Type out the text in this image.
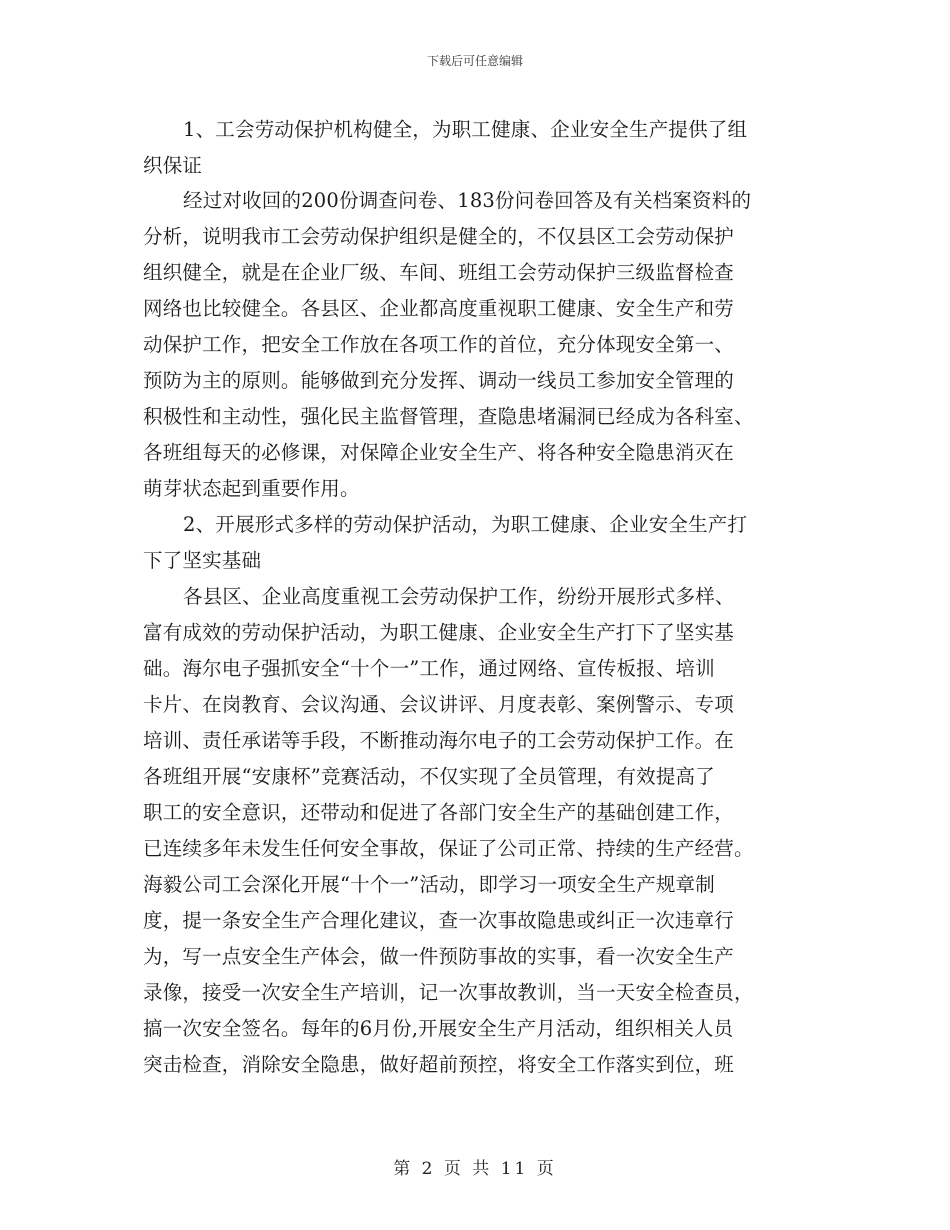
下载后可任意编辑
1、工会劳动保护机构健全，为职工健康、企业安全生产提供了组
织保证
经过对收回的200份调查问卷、183份问卷回答及有关档案资料的
分析，说明我市工会劳动保护组织是健全的，不仅县区工会劳动保护
组织健全，就是在企业厂级、车间、班组工会劳动保护三级监督检查
网络也比较健全。各县区、企业都高度重视职工健康、安全生产和劳
动保护工作，把安全工作放在各项工作的首位，充分体现安全第一、
预防为主的原则。能够做到充分发挥、调动一线员工参加安全管理的
积极性和主动性，强化民主监督管理，查隐患堵漏洞已经成为各科室、
各班组每天的必修课，对保障企业安全生产、将各种安全隐患消灭在
萌芽状态起到重要作用。
2、开展形式多样的劳动保护活动，为职工健康、企业安全生产打
下了坚实基础
各县区、企业高度重视工会劳动保护工作，纷纷开展形式多样、
富有成效的劳动保护活动，为职工健康、企业安全生产打下了坚实基
础。海尔电子强抓安全“十个一”工作，通过网络、宣传板报、培训
卡片、在岗教育、会议沟通、会议讲评、月度表彰、案例警示、专项
培训、责任承诺等手段，不断推动海尔电子的工会劳动保护工作。在
各班组开展“安康杯”竞赛活动，不仅实现了全员管理，有效提高了
职工的安全意识，还带动和促进了各部门安全生产的基础创建工作，
已连续多年未发生任何安全事故，保证了公司正常、持续的生产经营。
海毅公司工会深化开展“十个一”活动，即学习一项安全生产规章制
度，提一条安全生产合理化建议，查一次事故隐患或纠正一次违章行
为，写一点安全生产体会，做一件预防事故的实事，看一次安全生产
录像，接受一次安全生产培训，记一次事故教训，当一天安全检查员，
搞一次安全签名。每年的6月份,开展安全生产月活动，组织相关人员
突击检查，消除安全隐患，做好超前预控，将安全工作落实到位，班
第 2 页 共 11 页
